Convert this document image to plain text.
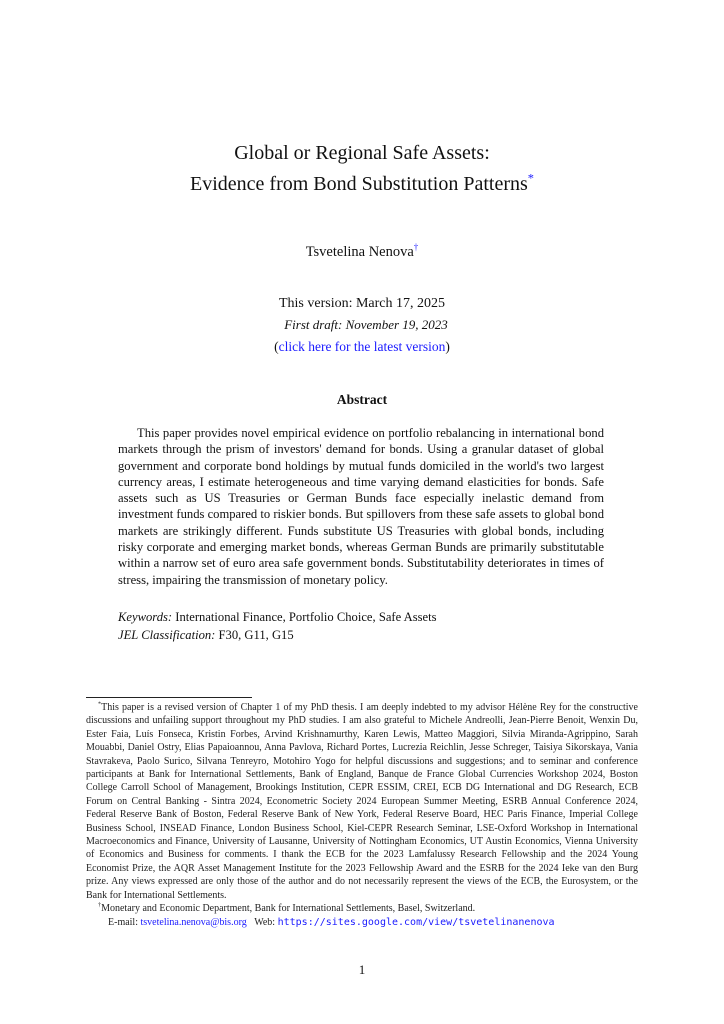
Global or Regional Safe Assets:
Evidence from Bond Substitution Patterns*
Tsvetelina Nenova†
This version: March 17, 2025
First draft: November 19, 2023
(click here for the latest version)
Abstract
This paper provides novel empirical evidence on portfolio rebalancing in international bond markets through the prism of investors' demand for bonds. Using a granular dataset of global government and corporate bond holdings by mutual funds domiciled in the world's two largest currency areas, I estimate heterogeneous and time varying demand elasticities for bonds. Safe assets such as US Treasuries or German Bunds face especially inelastic demand from investment funds compared to riskier bonds. But spillovers from these safe assets to global bond markets are strikingly different. Funds substitute US Treasuries with global bonds, including risky corporate and emerging market bonds, whereas German Bunds are primarily substitutable within a narrow set of euro area safe government bonds. Substitutability deteriorates in times of stress, impairing the transmission of monetary policy.
Keywords: International Finance, Portfolio Choice, Safe Assets
JEL Classification: F30, G11, G15

*This paper is a revised version of Chapter 1 of my PhD thesis. I am deeply indebted to my advisor Hélène Rey for the constructive discussions and unfailing support throughout my PhD studies. I am also grateful to Michele Andreolli, Jean-Pierre Benoit, Wenxin Du, Ester Faia, Luís Fonseca, Kristin Forbes, Arvind Krishnamurthy, Karen Lewis, Matteo Maggiori, Silvia Miranda-Agrippino, Sarah Mouabbi, Daniel Ostry, Elias Papaioannou, Anna Pavlova, Richard Portes, Lucrezia Reichlin, Jesse Schreger, Taisiya Sikorskaya, Vania Stavrakeva, Paolo Surico, Silvana Tenreyro, Motohiro Yogo for helpful discussions and suggestions; and to seminar and conference participants at Bank for International Settlements, Bank of England, Banque de France Global Currencies Workshop 2024, Boston College Carroll School of Management, Brookings Institution, CEPR ESSIM, CREI, ECB DG International and DG Research, ECB Forum on Central Banking - Sintra 2024, Econometric Society 2024 European Summer Meeting, ESRB Annual Conference 2024, Federal Reserve Bank of Boston, Federal Reserve Bank of New York, Federal Reserve Board, HEC Paris Finance, Imperial College Business School, INSEAD Finance, London Business School, Kiel-CEPR Research Seminar, LSE-Oxford Workshop in International Macroeconomics and Finance, University of Lausanne, University of Nottingham Economics, UT Austin Economics, Vienna University of Economics and Business for comments. I thank the ECB for the 2023 Lamfalussy Research Fellowship and the 2024 Young Economist Prize, the AQR Asset Management Institute for the 2023 Fellowship Award and the ESRB for the 2024 Ieke van den Burg prize. Any views expressed are only those of the author and do not necessarily represent the views of the ECB, the Eurosystem, or the Bank for International Settlements.

†Monetary and Economic Department, Bank for International Settlements, Basel, Switzerland.

E-mail: tsvetelina.nenova@bis.org Web: https://sites.google.com/view/tsvetelinanenova

1
